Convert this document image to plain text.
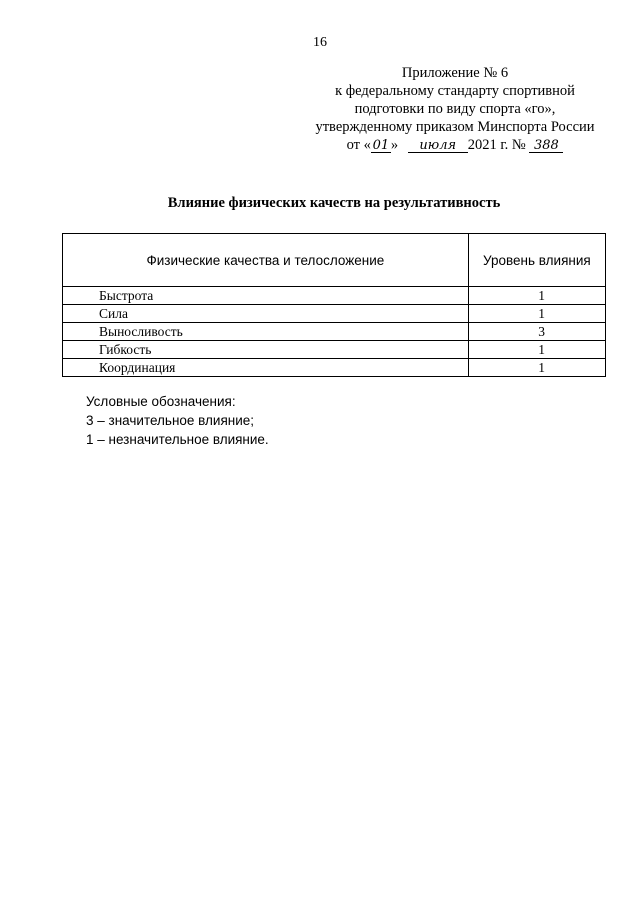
16
Приложение № 6
к федеральному стандарту спортивной
подготовки по виду спорта «го»,
утвержденному приказом Минспорта России
от « 01 » июля 2021 г. № 388
Влияние физических качеств на результативность
Физические качества и телосложение	Уровень влияния
Быстрота	1
Сила	1
Выносливость	3
Гибкость	1
Координация	1
Условные обозначения:
3 – значительное влияние;
1 – незначительное влияние.
